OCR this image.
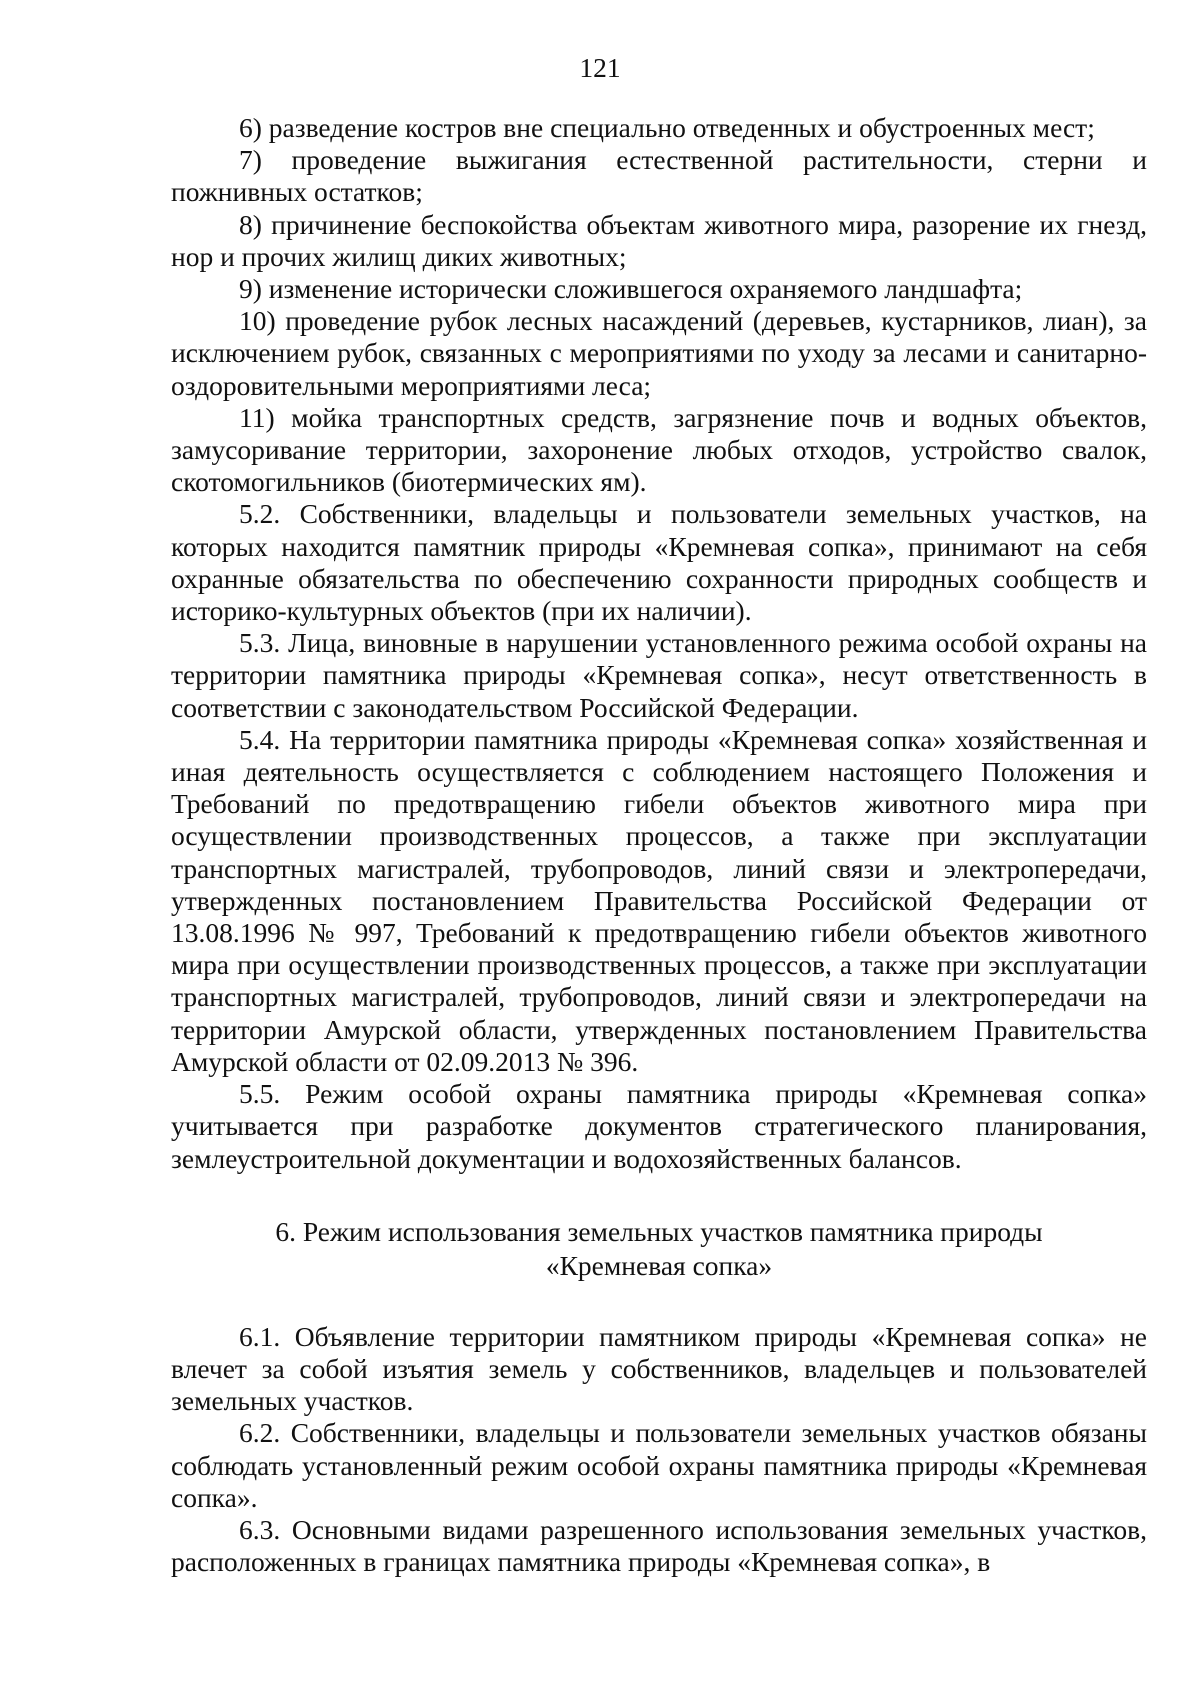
121

6) разведение костров вне специально отведенных и обустроенных мест;

7) проведение выжигания естественной растительности, стерни и пожнивных остатков;

8) причинение беспокойства объектам животного мира, разорение их гнезд, нор и прочих жилищ диких животных;

9) изменение исторически сложившегося охраняемого ландшафта;

10) проведение рубок лесных насаждений (деревьев, кустарников, лиан), за исключением рубок, связанных с мероприятиями по уходу за лесами и санитарно-оздоровительными мероприятиями леса;

11) мойка транспортных средств, загрязнение почв и водных объектов, замусоривание территории, захоронение любых отходов, устройство свалок, скотомогильников (биотермических ям).

5.2. Собственники, владельцы и пользователи земельных участков, на которых находится памятник природы «Кремневая сопка», принимают на себя охранные обязательства по обеспечению сохранности природных сообществ и историко-культурных объектов (при их наличии).

5.3. Лица, виновные в нарушении установленного режима особой охраны на территории памятника природы «Кремневая сопка», несут ответственность в соответствии с законодательством Российской Федерации.

5.4. На территории памятника природы «Кремневая сопка» хозяйственная и иная деятельность осуществляется с соблюдением настоящего Положения и Требований по предотвращению гибели объектов животного мира при осуществлении производственных процессов, а также при эксплуатации транспортных магистралей, трубопроводов, линий связи и электропередачи, утвержденных постановлением Правительства Российской Федерации от 13.08.1996 № 997, Требований к предотвращению гибели объектов животного мира при осуществлении производственных процессов, а также при эксплуатации транспортных магистралей, трубопроводов, линий связи и электропередачи на территории Амурской области, утвержденных постановлением Правительства Амурской области от 02.09.2013 № 396.

5.5. Режим особой охраны памятника природы «Кремневая сопка» учитывается при разработке документов стратегического планирования, землеустроительной документации и водохозяйственных балансов.

6. Режим использования земельных участков памятника природы
«Кремневая сопка»

6.1. Объявление территории памятником природы «Кремневая сопка» не влечет за собой изъятия земель у собственников, владельцев и пользователей земельных участков.

6.2. Собственники, владельцы и пользователи земельных участков обязаны соблюдать установленный режим особой охраны памятника природы «Кремневая сопка».

6.3. Основными видами разрешенного использования земельных участков, расположенных в границах памятника природы «Кремневая сопка», в
